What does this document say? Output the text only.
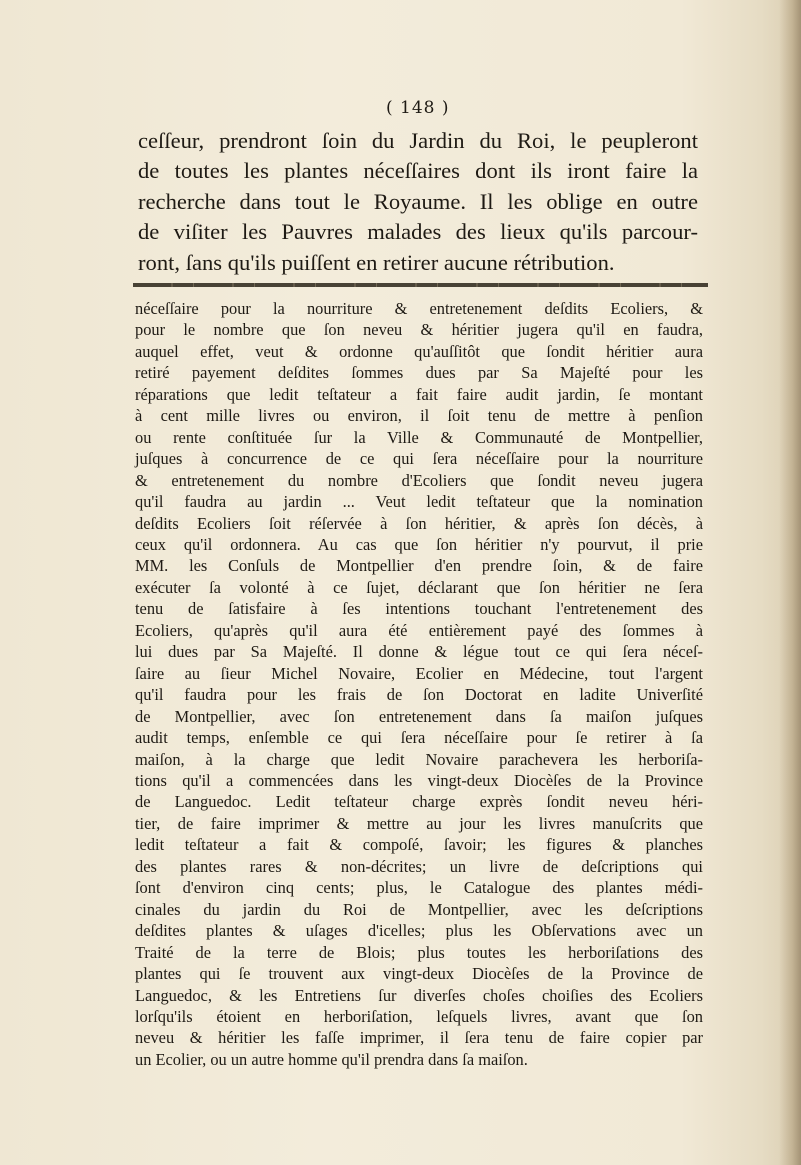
( 148 )
ceſſeur, prendront ſoin du Jardin du Roi, le peupleront
de toutes les plantes néceſſaires dont ils iront faire la
recherche dans tout le Royaume. Il les oblige en outre
de viſiter les Pauvres malades des lieux qu'ils parcour-
ront, ſans qu'ils puiſſent en retirer aucune rétribution.
néceſſaire pour la nourriture & entretenement deſdits Ecoliers, &
pour le nombre que ſon neveu & héritier jugera qu'il en faudra,
auquel effet, veut & ordonne qu'auſſitôt que ſondit héritier aura
retiré payement deſdites ſommes dues par Sa Majeſté pour les
réparations que ledit teſtateur a fait faire audit jardin, ſe montant
à cent mille livres ou environ, il ſoit tenu de mettre à penſion
ou rente conſtituée ſur la Ville & Communauté de Montpellier,
juſques à concurrence de ce qui ſera néceſſaire pour la nourriture
& entretenement du nombre d'Ecoliers que ſondit neveu jugera
qu'il faudra au jardin ... Veut ledit teſtateur que la nomination
deſdits Ecoliers ſoit réſervée à ſon héritier, & après ſon décès, à
ceux qu'il ordonnera. Au cas que ſon héritier n'y pourvut, il prie
MM. les Conſuls de Montpellier d'en prendre ſoin, & de faire
exécuter ſa volonté à ce ſujet, déclarant que ſon héritier ne ſera
tenu de ſatisfaire à ſes intentions touchant l'entretenement des
Ecoliers, qu'après qu'il aura été entièrement payé des ſommes à
lui dues par Sa Majeſté. Il donne & légue tout ce qui ſera néceſ-
ſaire au ſieur Michel Novaire, Ecolier en Médecine, tout l'argent
qu'il faudra pour les frais de ſon Doctorat en ladite Univerſité
de Montpellier, avec ſon entretenement dans ſa maiſon juſques
audit temps, enſemble ce qui ſera néceſſaire pour ſe retirer à ſa
maiſon, à la charge que ledit Novaire parachevera les herboriſa-
tions qu'il a commencées dans les vingt-deux Diocèſes de la Province
de Languedoc. Ledit teſtateur charge exprès ſondit neveu héri-
tier, de faire imprimer & mettre au jour les livres manuſcrits que
ledit teſtateur a fait & compoſé, ſavoir; les figures & planches
des plantes rares & non-décrites; un livre de deſcriptions qui
ſont d'environ cinq cents; plus, le Catalogue des plantes médi-
cinales du jardin du Roi de Montpellier, avec les deſcriptions
deſdites plantes & uſages d'icelles; plus les Obſervations avec un
Traité de la terre de Blois; plus toutes les herboriſations des
plantes qui ſe trouvent aux vingt-deux Diocèſes de la Province de
Languedoc, & les Entretiens ſur diverſes choſes choiſies des Ecoliers
lorſqu'ils étoient en herboriſation, leſquels livres, avant que ſon
neveu & héritier les faſſe imprimer, il ſera tenu de faire copier par
un Ecolier, ou un autre homme qu'il prendra dans ſa maiſon.
